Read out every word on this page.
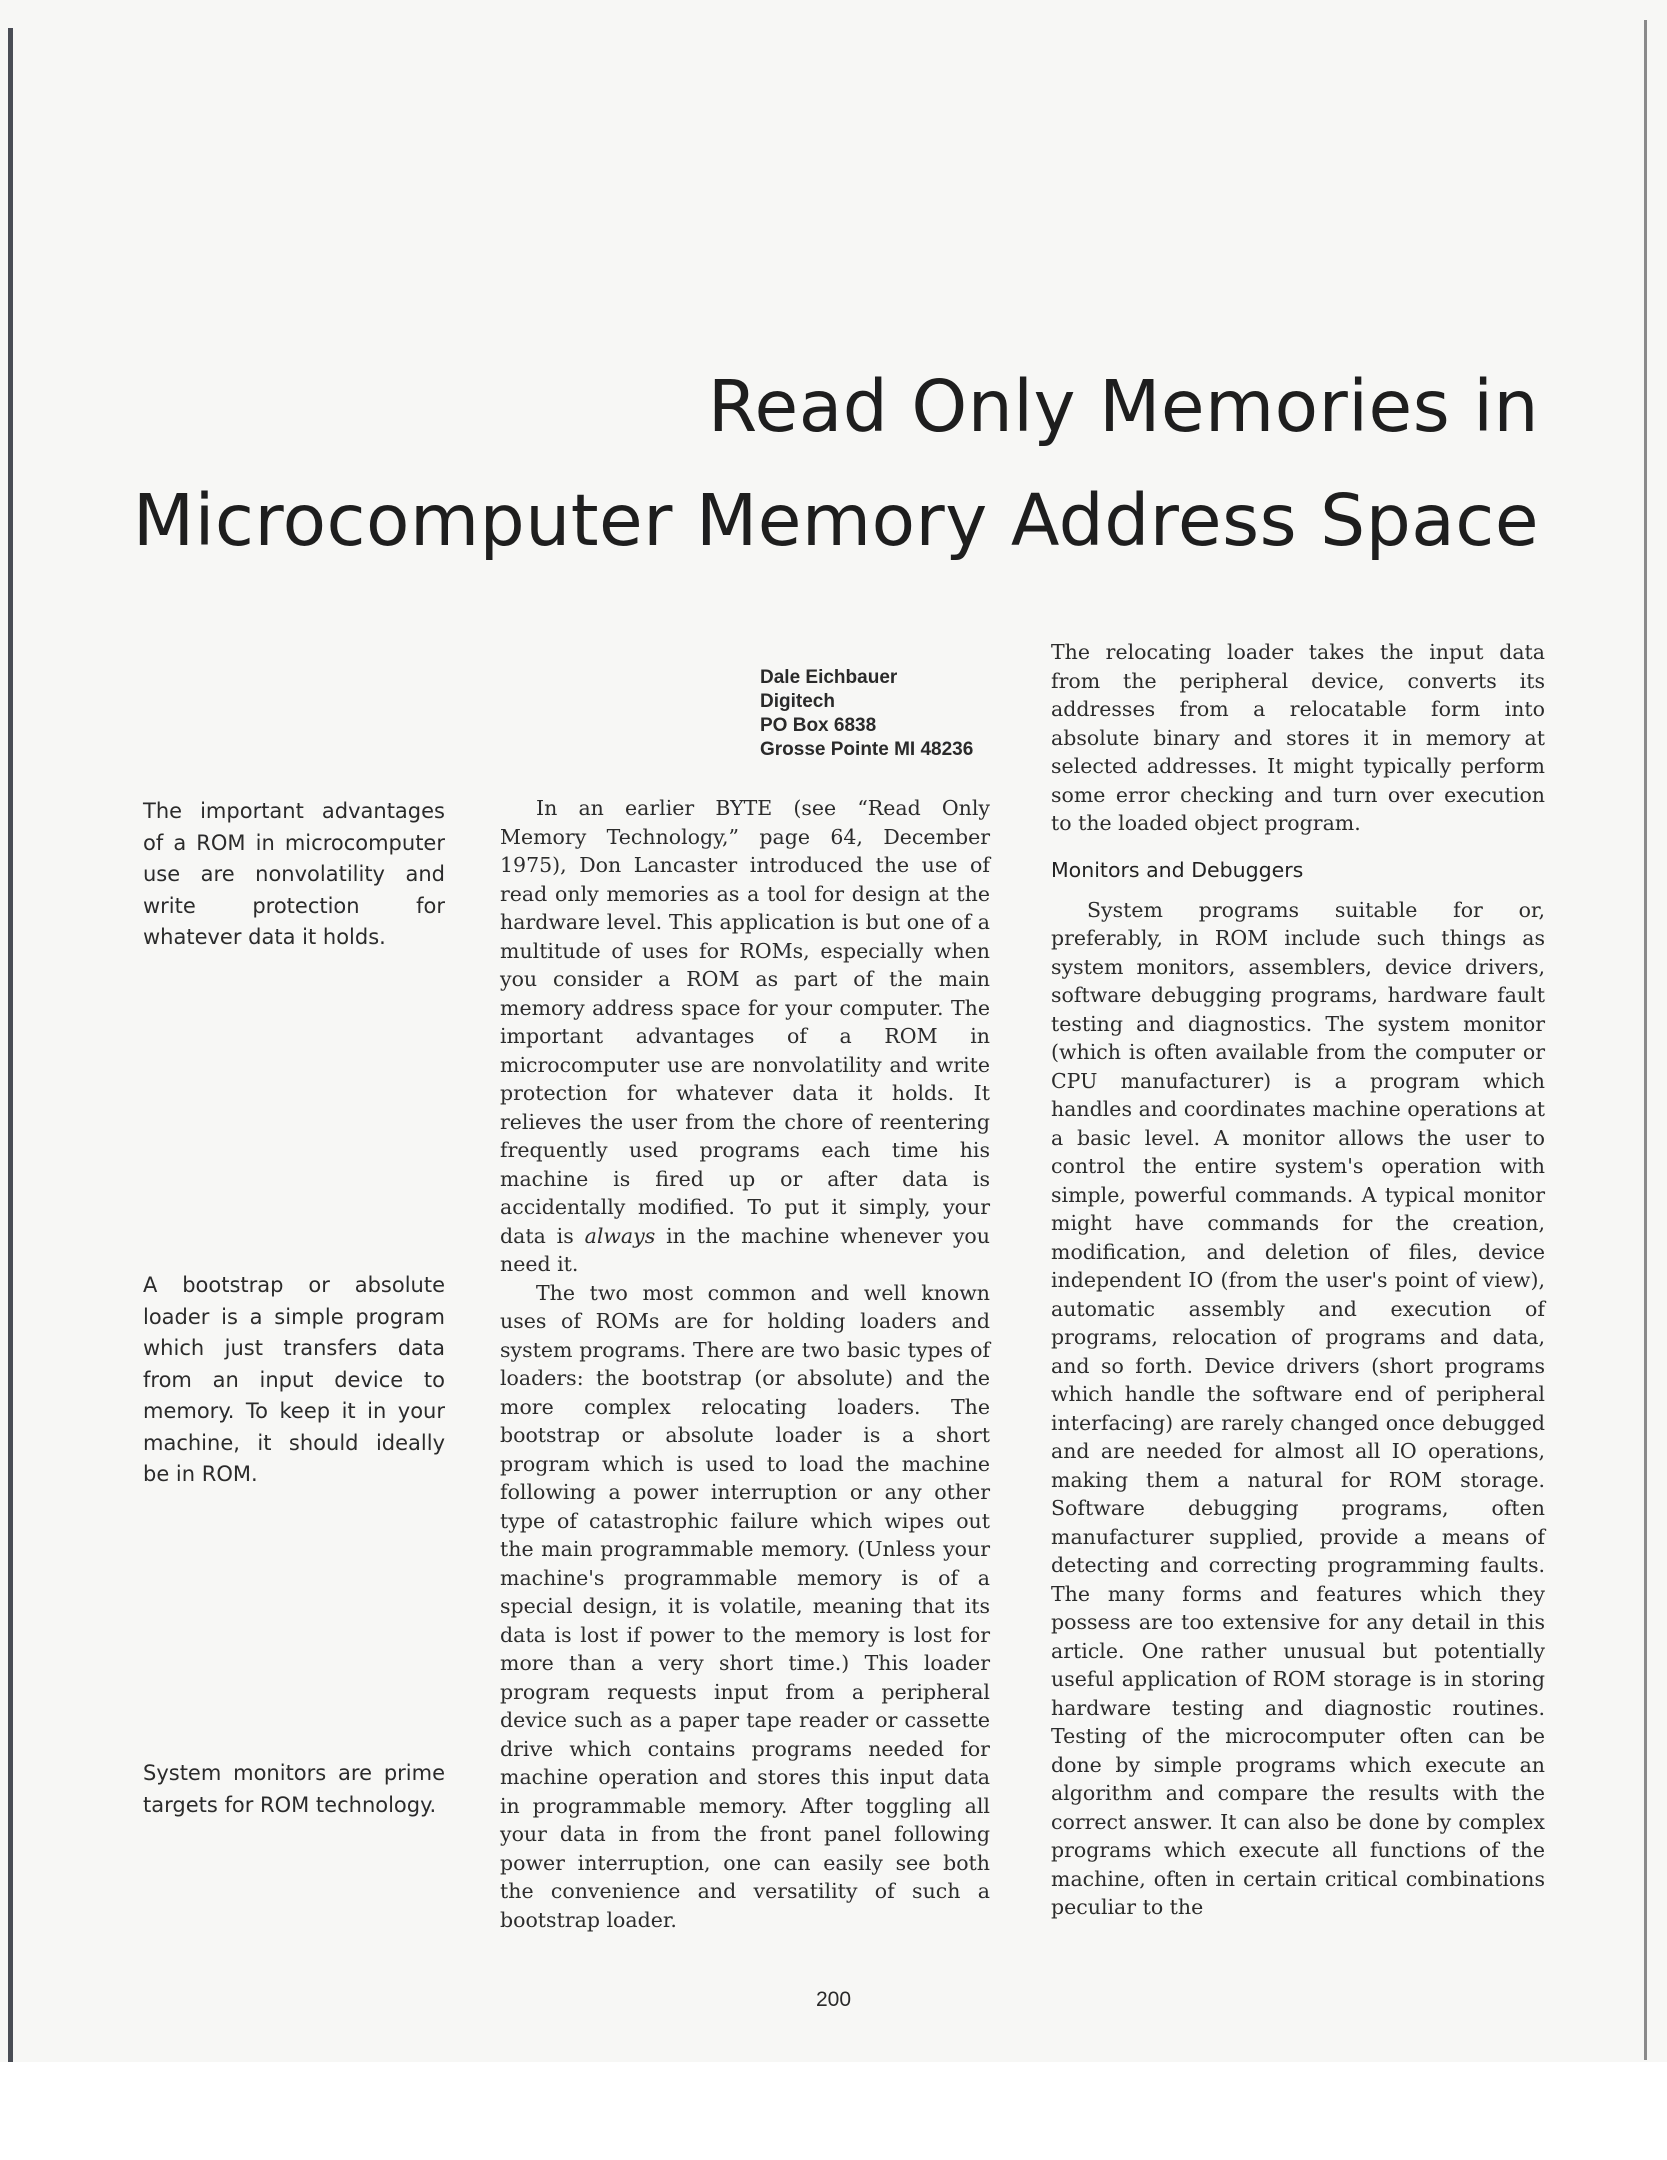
Read Only Memories in
Microcomputer Memory Address Space
Dale Eichbauer
Digitech
PO Box 6838
Grosse Pointe MI 48236
The important advantages of a ROM in microcomputer use are nonvolatility and write protection for whatever data it holds.
A bootstrap or absolute loader is a simple program which just transfers data from an input device to memory. To keep it in your machine, it should ideally be in ROM.
System monitors are prime targets for ROM technology.

In an earlier BYTE (see “Read Only Memory Technology,” page 64, December 1975), Don Lancaster introduced the use of read only memories as a tool for design at the hardware level. This application is but one of a multitude of uses for ROMs, especially when you consider a ROM as part of the main memory address space for your computer. The important advantages of a ROM in microcomputer use are nonvolatility and write protection for whatever data it holds. It relieves the user from the chore of reentering frequently used programs each time his machine is fired up or after data is accidentally modified. To put it simply, your data is always in the machine whenever you need it.

The two most common and well known uses of ROMs are for holding loaders and system programs. There are two basic types of loaders: the bootstrap (or absolute) and the more complex relocating loaders. The bootstrap or absolute loader is a short program which is used to load the machine following a power interruption or any other type of catastrophic failure which wipes out the main programmable memory. (Unless your machine's programmable memory is of a special design, it is volatile, meaning that its data is lost if power to the memory is lost for more than a very short time.) This loader program requests input from a peripheral device such as a paper tape reader or cassette drive which contains programs needed for machine operation and stores this input data in programmable memory. After toggling all your data in from the front panel following power interruption, one can easily see both the convenience and versatility of such a bootstrap loader.

The relocating loader takes the input data from the peripheral device, converts its addresses from a relocatable form into absolute binary and stores it in memory at selected addresses. It might typically perform some error checking and turn over execution to the loaded object program.

Monitors and Debuggers

System programs suitable for or, preferably, in ROM include such things as system monitors, assemblers, device drivers, software debugging programs, hardware fault testing and diagnostics. The system monitor (which is often available from the computer or CPU manufacturer) is a program which handles and coordinates machine operations at a basic level. A monitor allows the user to control the entire system's operation with simple, powerful commands. A typical monitor might have commands for the creation, modification, and deletion of files, device independent IO (from the user's point of view), automatic assembly and execution of programs, relocation of programs and data, and so forth. Device drivers (short programs which handle the software end of peripheral interfacing) are rarely changed once debugged and are needed for almost all IO operations, making them a natural for ROM storage. Software debugging programs, often manufacturer supplied, provide a means of detecting and correcting programming faults. The many forms and features which they possess are too extensive for any detail in this article. One rather unusual but potentially useful application of ROM storage is in storing hardware testing and diagnostic routines. Testing of the microcomputer often can be done by simple programs which execute an algorithm and compare the results with the correct answer. It can also be done by complex programs which execute all functions of the machine, often in certain critical combinations peculiar to the

200
